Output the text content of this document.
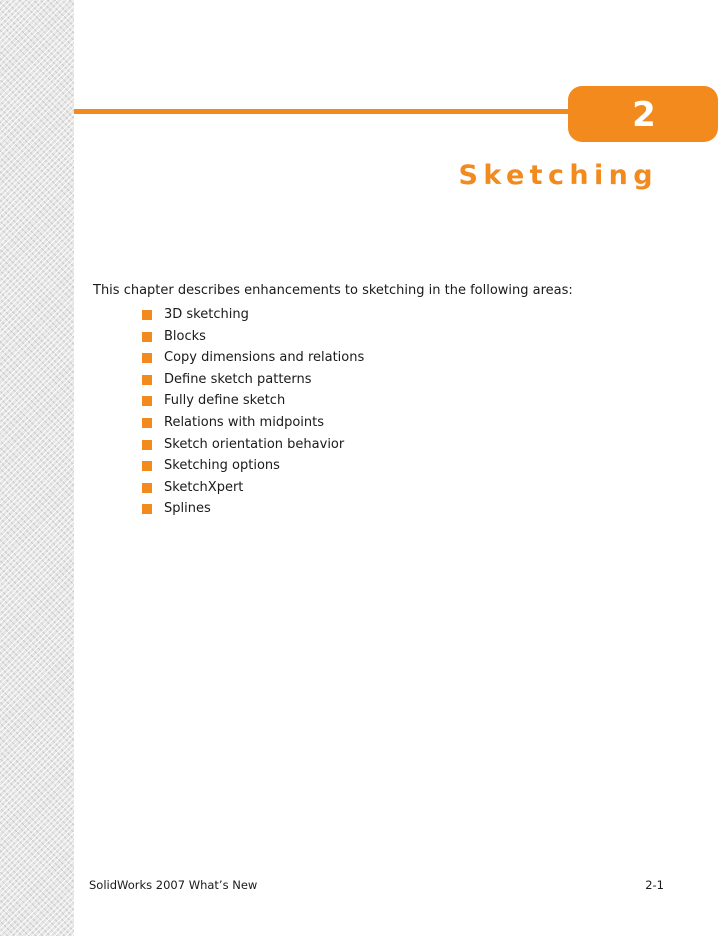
2
Sketching
This chapter describes enhancements to sketching in the following areas:
3D sketching
Blocks
Copy dimensions and relations
Define sketch patterns
Fully define sketch
Relations with midpoints
Sketch orientation behavior
Sketching options
SketchXpert
Splines
SolidWorks 2007 What’s New	2-1
